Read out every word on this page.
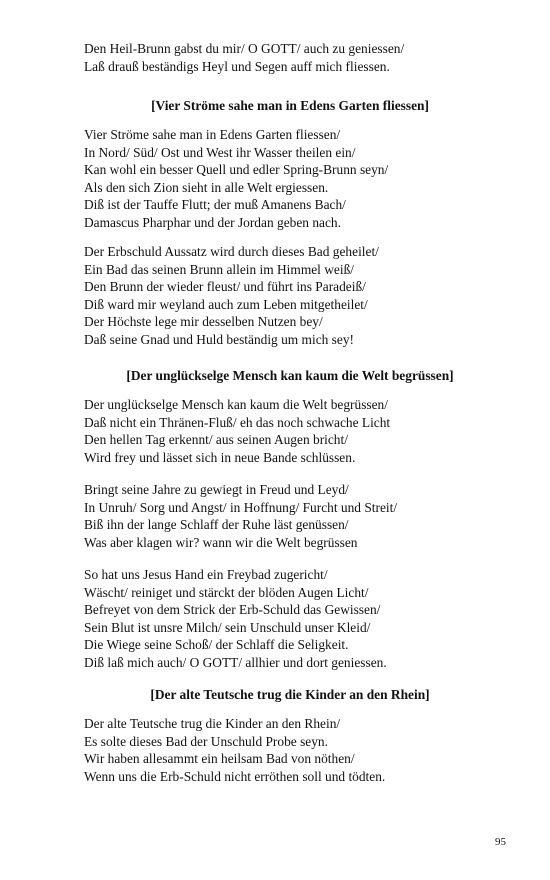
Den Heil-Brunn gabst du mir/ O GOTT/ auch zu geniessen/
Laß drauß beständigs Heyl und Segen auff mich fliessen.
[Vier Ströme sahe man in Edens Garten fliessen]
Vier Ströme sahe man in Edens Garten fliessen/
In Nord/ Süd/ Ost und West ihr Wasser theilen ein/
Kan wohl ein besser Quell und edler Spring-Brunn seyn/
Als den sich Zion sieht in alle Welt ergiessen.
Diß ist der Tauffe Flutt; der muß Amanens Bach/
Damascus Pharphar und der Jordan geben nach.
Der Erbschuld Aussatz wird durch dieses Bad geheilet/
Ein Bad das seinen Brunn allein im Himmel weiß/
Den Brunn der wieder fleust/ und führt ins Paradeiß/
Diß ward mir weyland auch zum Leben mitgetheilet/
Der Höchste lege mir desselben Nutzen bey/
Daß seine Gnad und Huld beständig um mich sey!
[Der unglückselge Mensch kan kaum die Welt begrüssen]
Der unglückselge Mensch kan kaum die Welt begrüssen/
Daß nicht ein Thränen-Fluß/ eh das noch schwache Licht
Den hellen Tag erkennt/ aus seinen Augen bricht/
Wird frey und lässet sich in neue Bande schlüssen.
Bringt seine Jahre zu gewiegt in Freud und Leyd/
In Unruh/ Sorg und Angst/ in Hoffnung/ Furcht und Streit/
Biß ihn der lange Schlaff der Ruhe läst genüssen/
Was aber klagen wir? wann wir die Welt begrüssen
So hat uns Jesus Hand ein Freybad zugericht/
Wäscht/ reiniget und stärckt der blöden Augen Licht/
Befreyet von dem Strick der Erb-Schuld das Gewissen/
Sein Blut ist unsre Milch/ sein Unschuld unser Kleid/
Die Wiege seine Schoß/ der Schlaff die Seligkeit.
Diß laß mich auch/ O GOTT/ allhier und dort geniessen.
[Der alte Teutsche trug die Kinder an den Rhein]
Der alte Teutsche trug die Kinder an den Rhein/
Es solte dieses Bad der Unschuld Probe seyn.
Wir haben allesammt ein heilsam Bad von nöthen/
Wenn uns die Erb-Schuld nicht erröthen soll und tödten.
95
